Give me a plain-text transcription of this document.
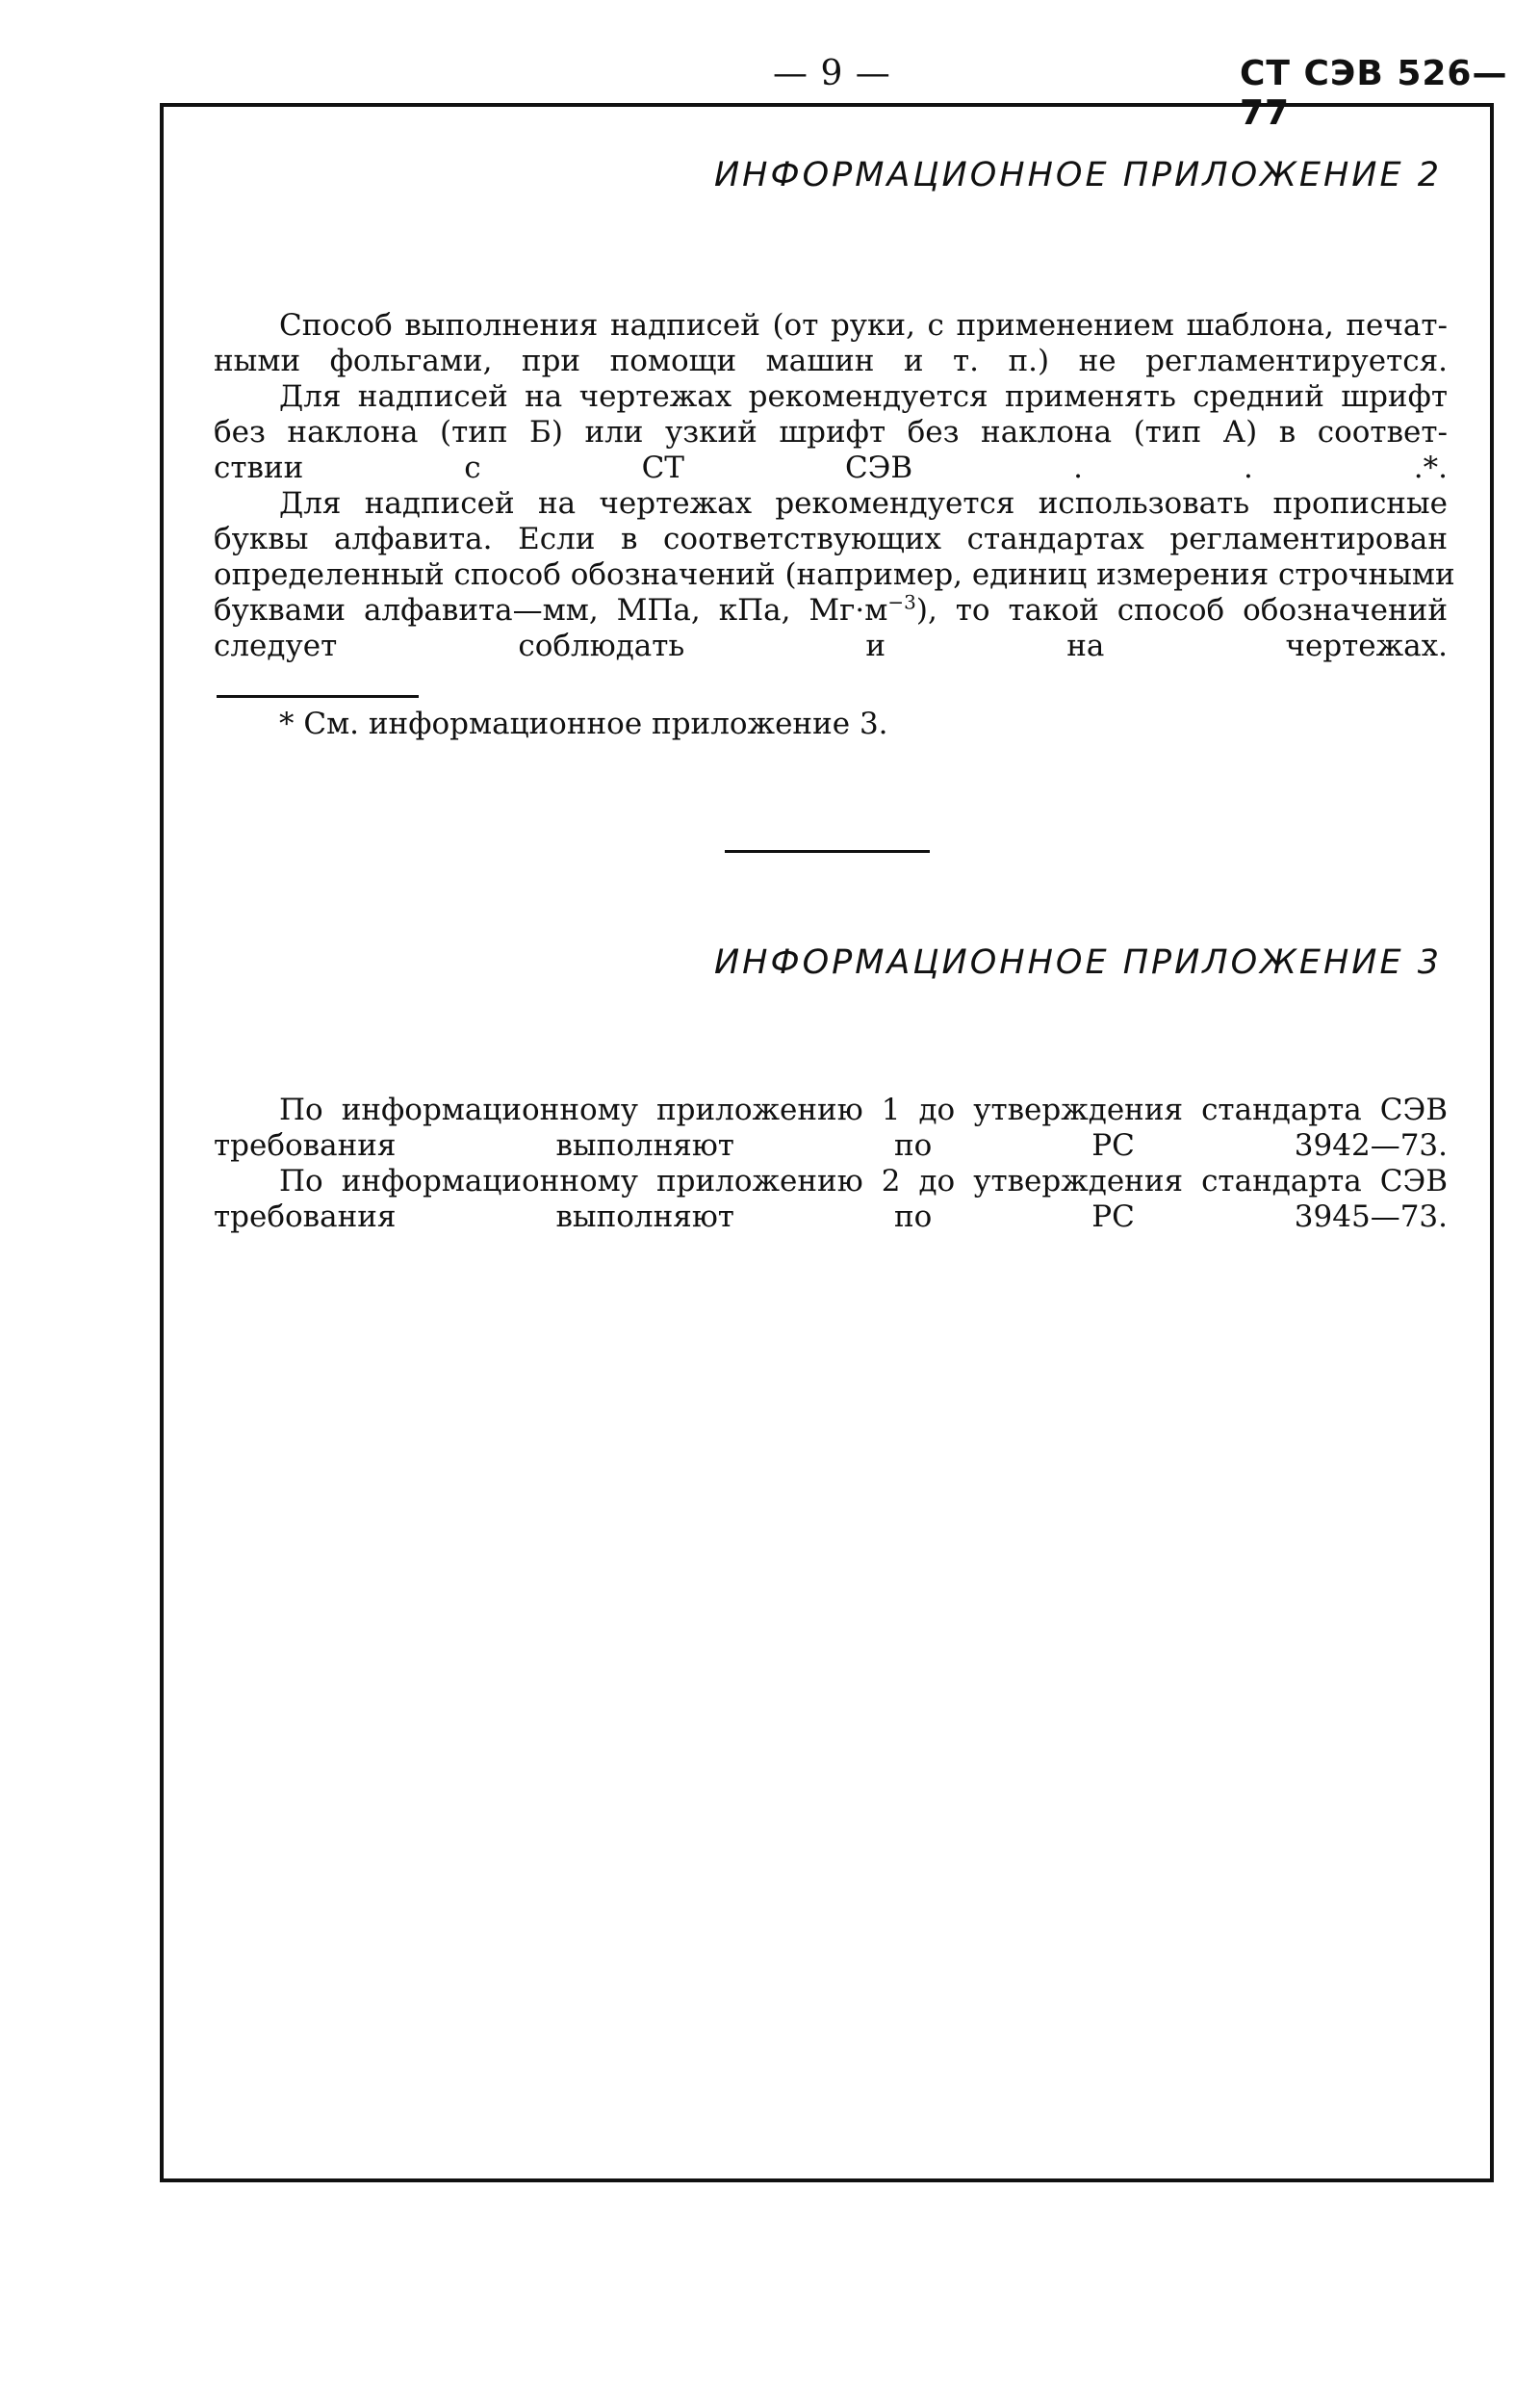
— 9 —	СТ СЭВ 526—77
ИНФОРМАЦИОННОЕ ПРИЛОЖЕНИЕ 2
Способ выполнения надписей (от руки, с применением шаблона, печат-
ными фольгами, при помощи машин и т. п.) не регламентируется.
Для надписей на чертежах рекомендуется применять средний шрифт
без наклона (тип Б) или узкий шрифт без наклона (тип А) в соответ-
ствии с СТ СЭВ . . .*.
Для надписей на чертежах рекомендуется использовать прописные
буквы алфавита. Если в соответствующих стандартах регламентирован
определенный способ обозначений (например, единиц измерения строчными
буквами алфавита—мм, МПа, кПа, $Мг\cdot м^{-3}$), то такой способ обозначений
следует соблюдать и на чертежах.
* См. информационное приложение 3.
ИНФОРМАЦИОННОЕ ПРИЛОЖЕНИЕ 3
По информационному приложению 1 до утверждения стандарта СЭВ
требования выполняют по РС 3942—73.
По информационному приложению 2 до утверждения стандарта СЭВ
требования выполняют по РС 3945—73.
